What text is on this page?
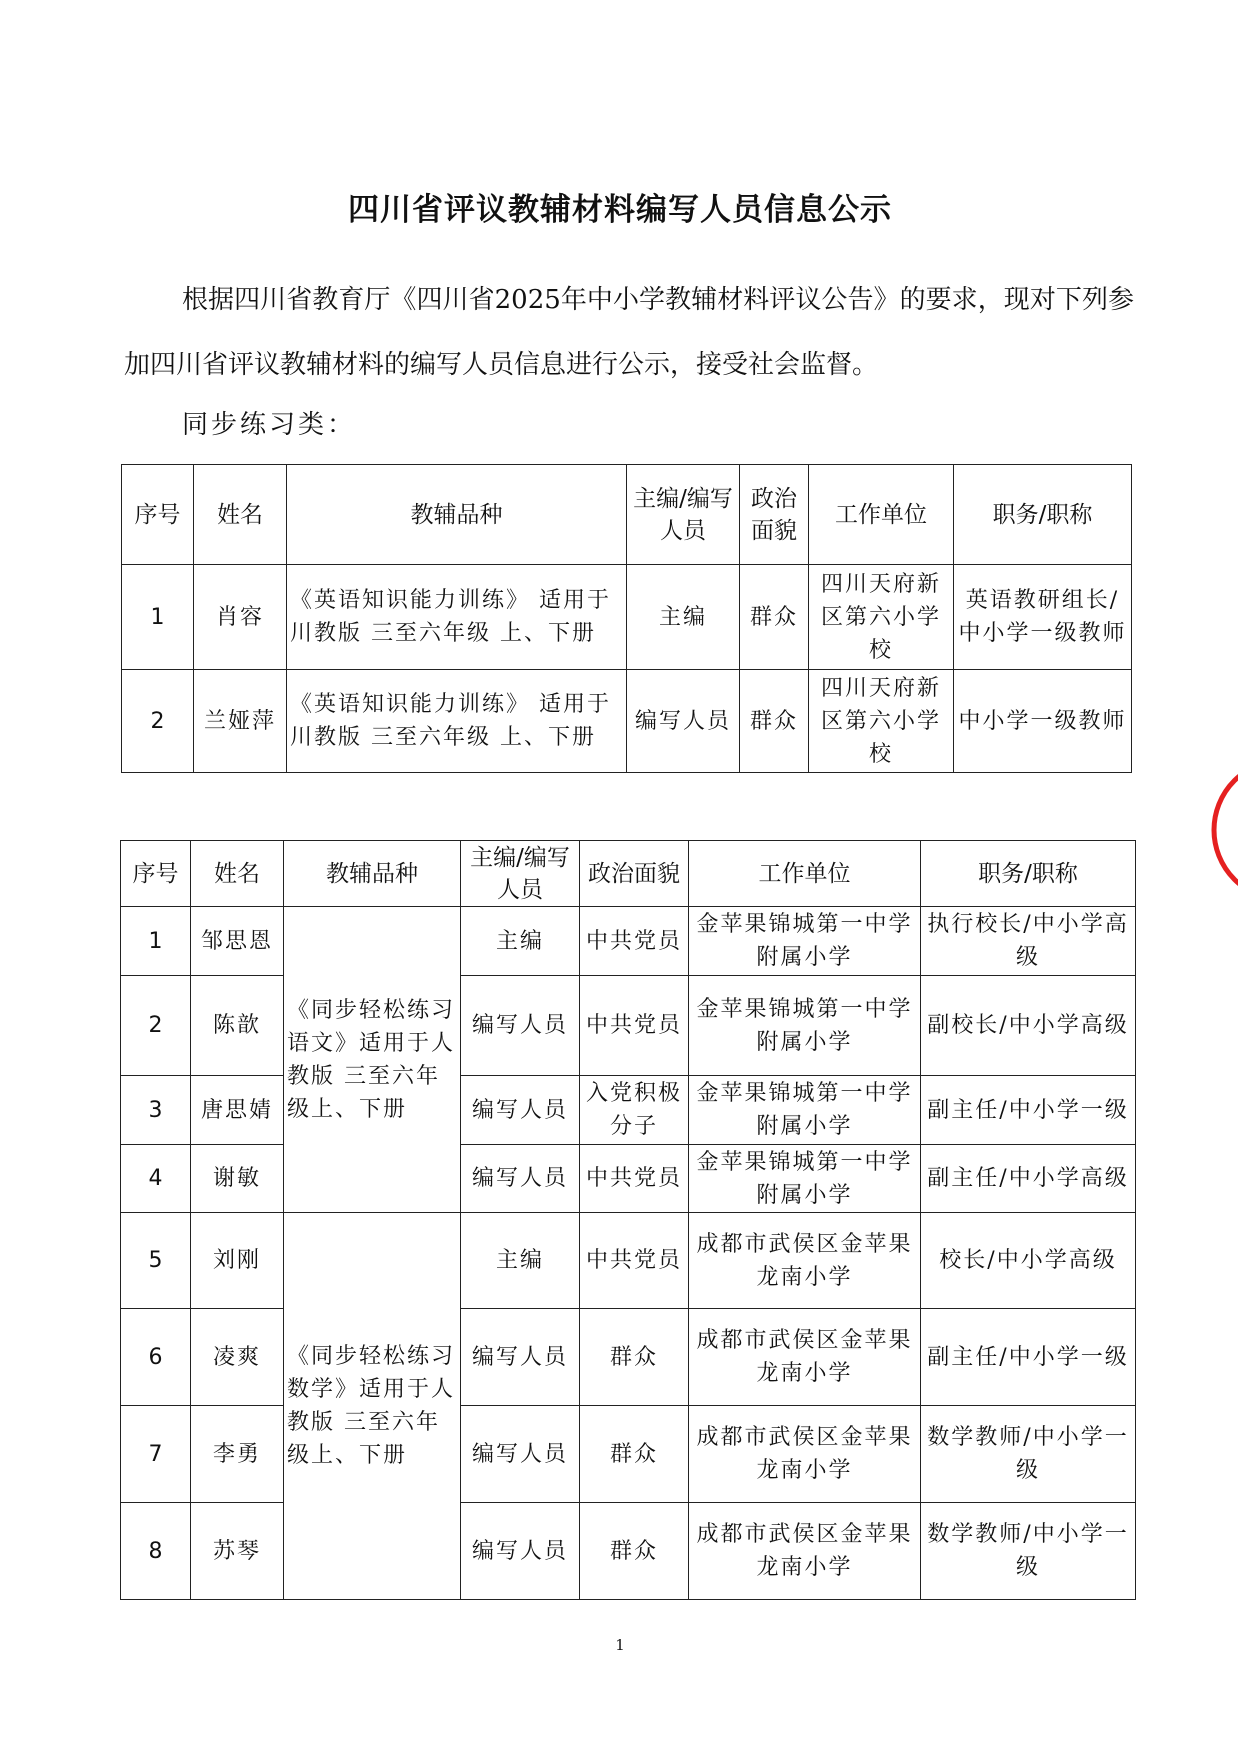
四川省评议教辅材料编写人员信息公示
根据四川省教育厅《四川省2025年中小学教辅材料评议公告》的要求，现对下列参加四川省评议教辅材料的编写人员信息进行公示，接受社会监督。
同步练习类：
序号	姓名	教辅品种	主编/编写人员	政治面貌	工作单位	职务/职称
1	肖容	《英语知识能力训练》 适用于川教版 三至六年级 上、下册	主编	群众	四川天府新区第六小学校	英语教研组长/中小学一级教师
2	兰娅萍	《英语知识能力训练》 适用于川教版 三至六年级 上、下册	编写人员	群众	四川天府新区第六小学校	中小学一级教师
序号	姓名	教辅品种	主编/编写人员	政治面貌	工作单位	职务/职称
1	邹思恩	《同步轻松练习语文》适用于人教版 三至六年级上、下册	主编	中共党员	金苹果锦城第一中学附属小学	执行校长/中小学高级
2	陈歆		编写人员	中共党员	金苹果锦城第一中学附属小学	副校长/中小学高级
3	唐思婧		编写人员	入党积极分子	金苹果锦城第一中学附属小学	副主任/中小学一级
4	谢敏		编写人员	中共党员	金苹果锦城第一中学附属小学	副主任/中小学高级
5	刘刚	《同步轻松练习数学》适用于人教版 三至六年级上、下册	主编	中共党员	成都市武侯区金苹果龙南小学	校长/中小学高级
6	凌爽		编写人员	群众	成都市武侯区金苹果龙南小学	副主任/中小学一级
7	李勇		编写人员	群众	成都市武侯区金苹果龙南小学	数学教师/中小学一级
8	苏琴		编写人员	群众	成都市武侯区金苹果龙南小学	数学教师/中小学一级
1
